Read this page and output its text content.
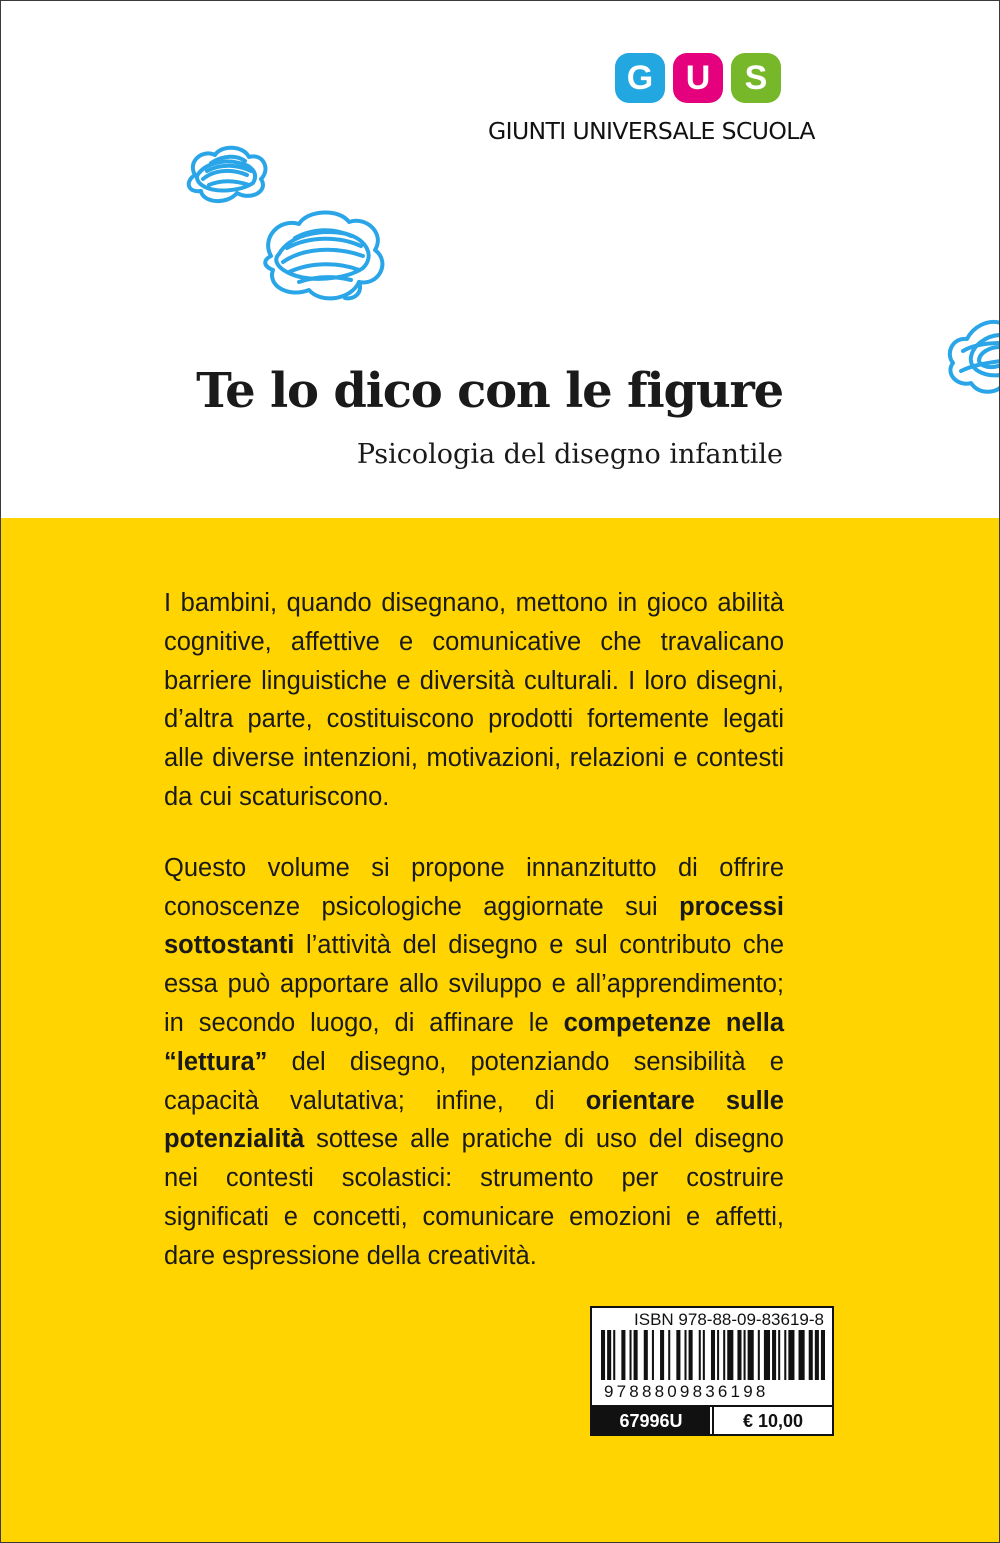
G U	S
GIUNTI UNIVERSALE SCUOLA
Te lo dico con le figure
Psicologia del disegno infantile

I bambini, quando disegnano, mettono in gioco abilità cognitive, affettive e comunicative che travalicano barriere linguistiche e diversità culturali. I loro disegni, d’altra parte, costituiscono prodotti fortemente legati alle diverse intenzioni, motivazioni, relazioni e contesti da cui scaturiscono.

Questo volume si propone innanzitutto di offrire conoscenze psicologiche aggiornate sui processi sottostanti l’attività del disegno e sul contributo che essa può apportare allo sviluppo e all’apprendimento; in secondo luogo, di affinare le competenze nella “lettura” del disegno, potenziando sensibilità e capacità valutativa; infine, di orientare sulle potenzialità sottese alle pratiche di uso del disegno nei contesti scolastici: strumento per costruire significati e concetti, comunicare emozioni e affetti, dare espressione della creatività.

ISBN 978-88-09-83619-8
9788809836198
67996U	€ 10,00
